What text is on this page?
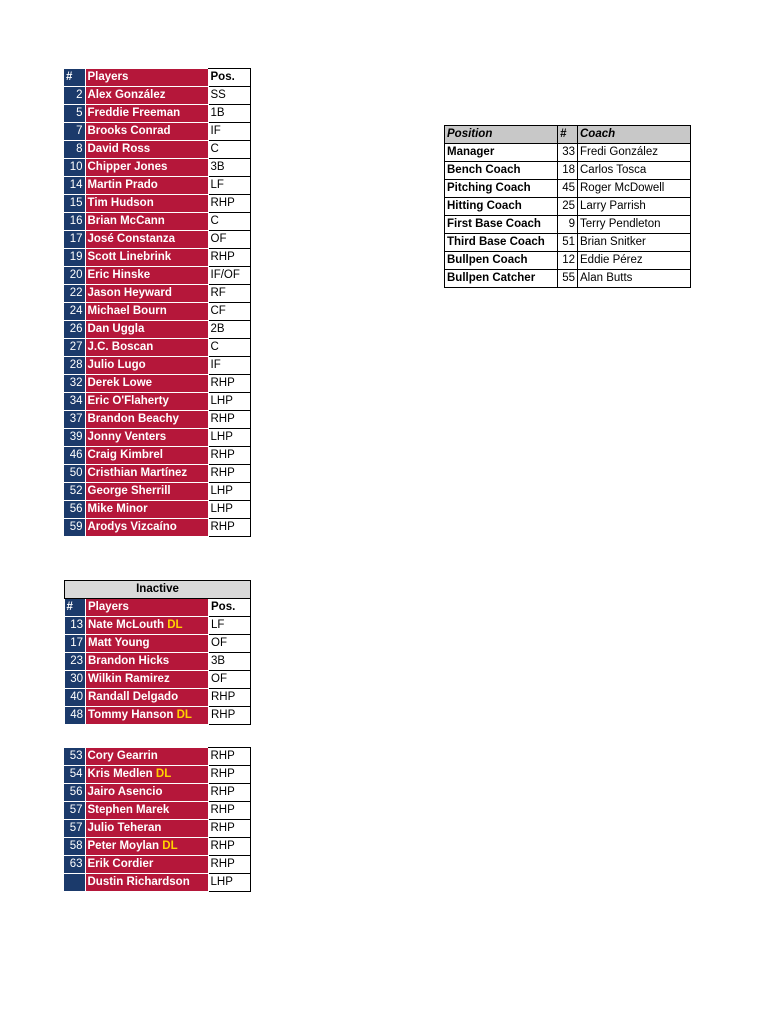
#	Players	Pos.
2	Alex González	SS
5	Freddie Freeman	1B
7	Brooks Conrad	IF
8	David Ross	C
10	Chipper Jones	3B
14	Martin Prado	LF
15	Tim Hudson	RHP
16	Brian McCann	C
17	José Constanza	OF
19	Scott Linebrink	RHP
20	Eric Hinske	IF/OF
22	Jason Heyward	RF
24	Michael Bourn	CF
26	Dan Uggla	2B
27	J.C. Boscan	C
28	Julio Lugo	IF
32	Derek Lowe	RHP
34	Eric O'Flaherty	LHP
37	Brandon Beachy	RHP
39	Jonny Venters	LHP
46	Craig Kimbrel	RHP
50	Cristhian Martínez	RHP
52	George Sherrill	LHP
56	Mike Minor	LHP
59	Arodys Vizcaíno	RHP
Inactive		
#	Players	Pos.
13	Nate McLouth DL	LF
17	Matt Young	OF
23	Brandon Hicks	3B
30	Wilkin Ramirez	OF
40	Randall Delgado	RHP
48	Tommy Hanson DL	RHP
53	Cory Gearrin	RHP
54	Kris Medlen DL	RHP
56	Jairo Asencio	RHP
57	Stephen Marek	RHP
57	Julio Teheran	RHP
58	Peter Moylan DL	RHP
63	Erik Cordier	RHP
	Dustin Richardson	LHP
Position	#	Coach
Manager	33	Fredi González
Bench Coach	18	Carlos Tosca
Pitching Coach	45	Roger McDowell
Hitting Coach	25	Larry Parrish
First Base Coach	9	Terry Pendleton
Third Base Coach	51	Brian Snitker
Bullpen Coach	12	Eddie Pérez
Bullpen Catcher	55	Alan Butts
